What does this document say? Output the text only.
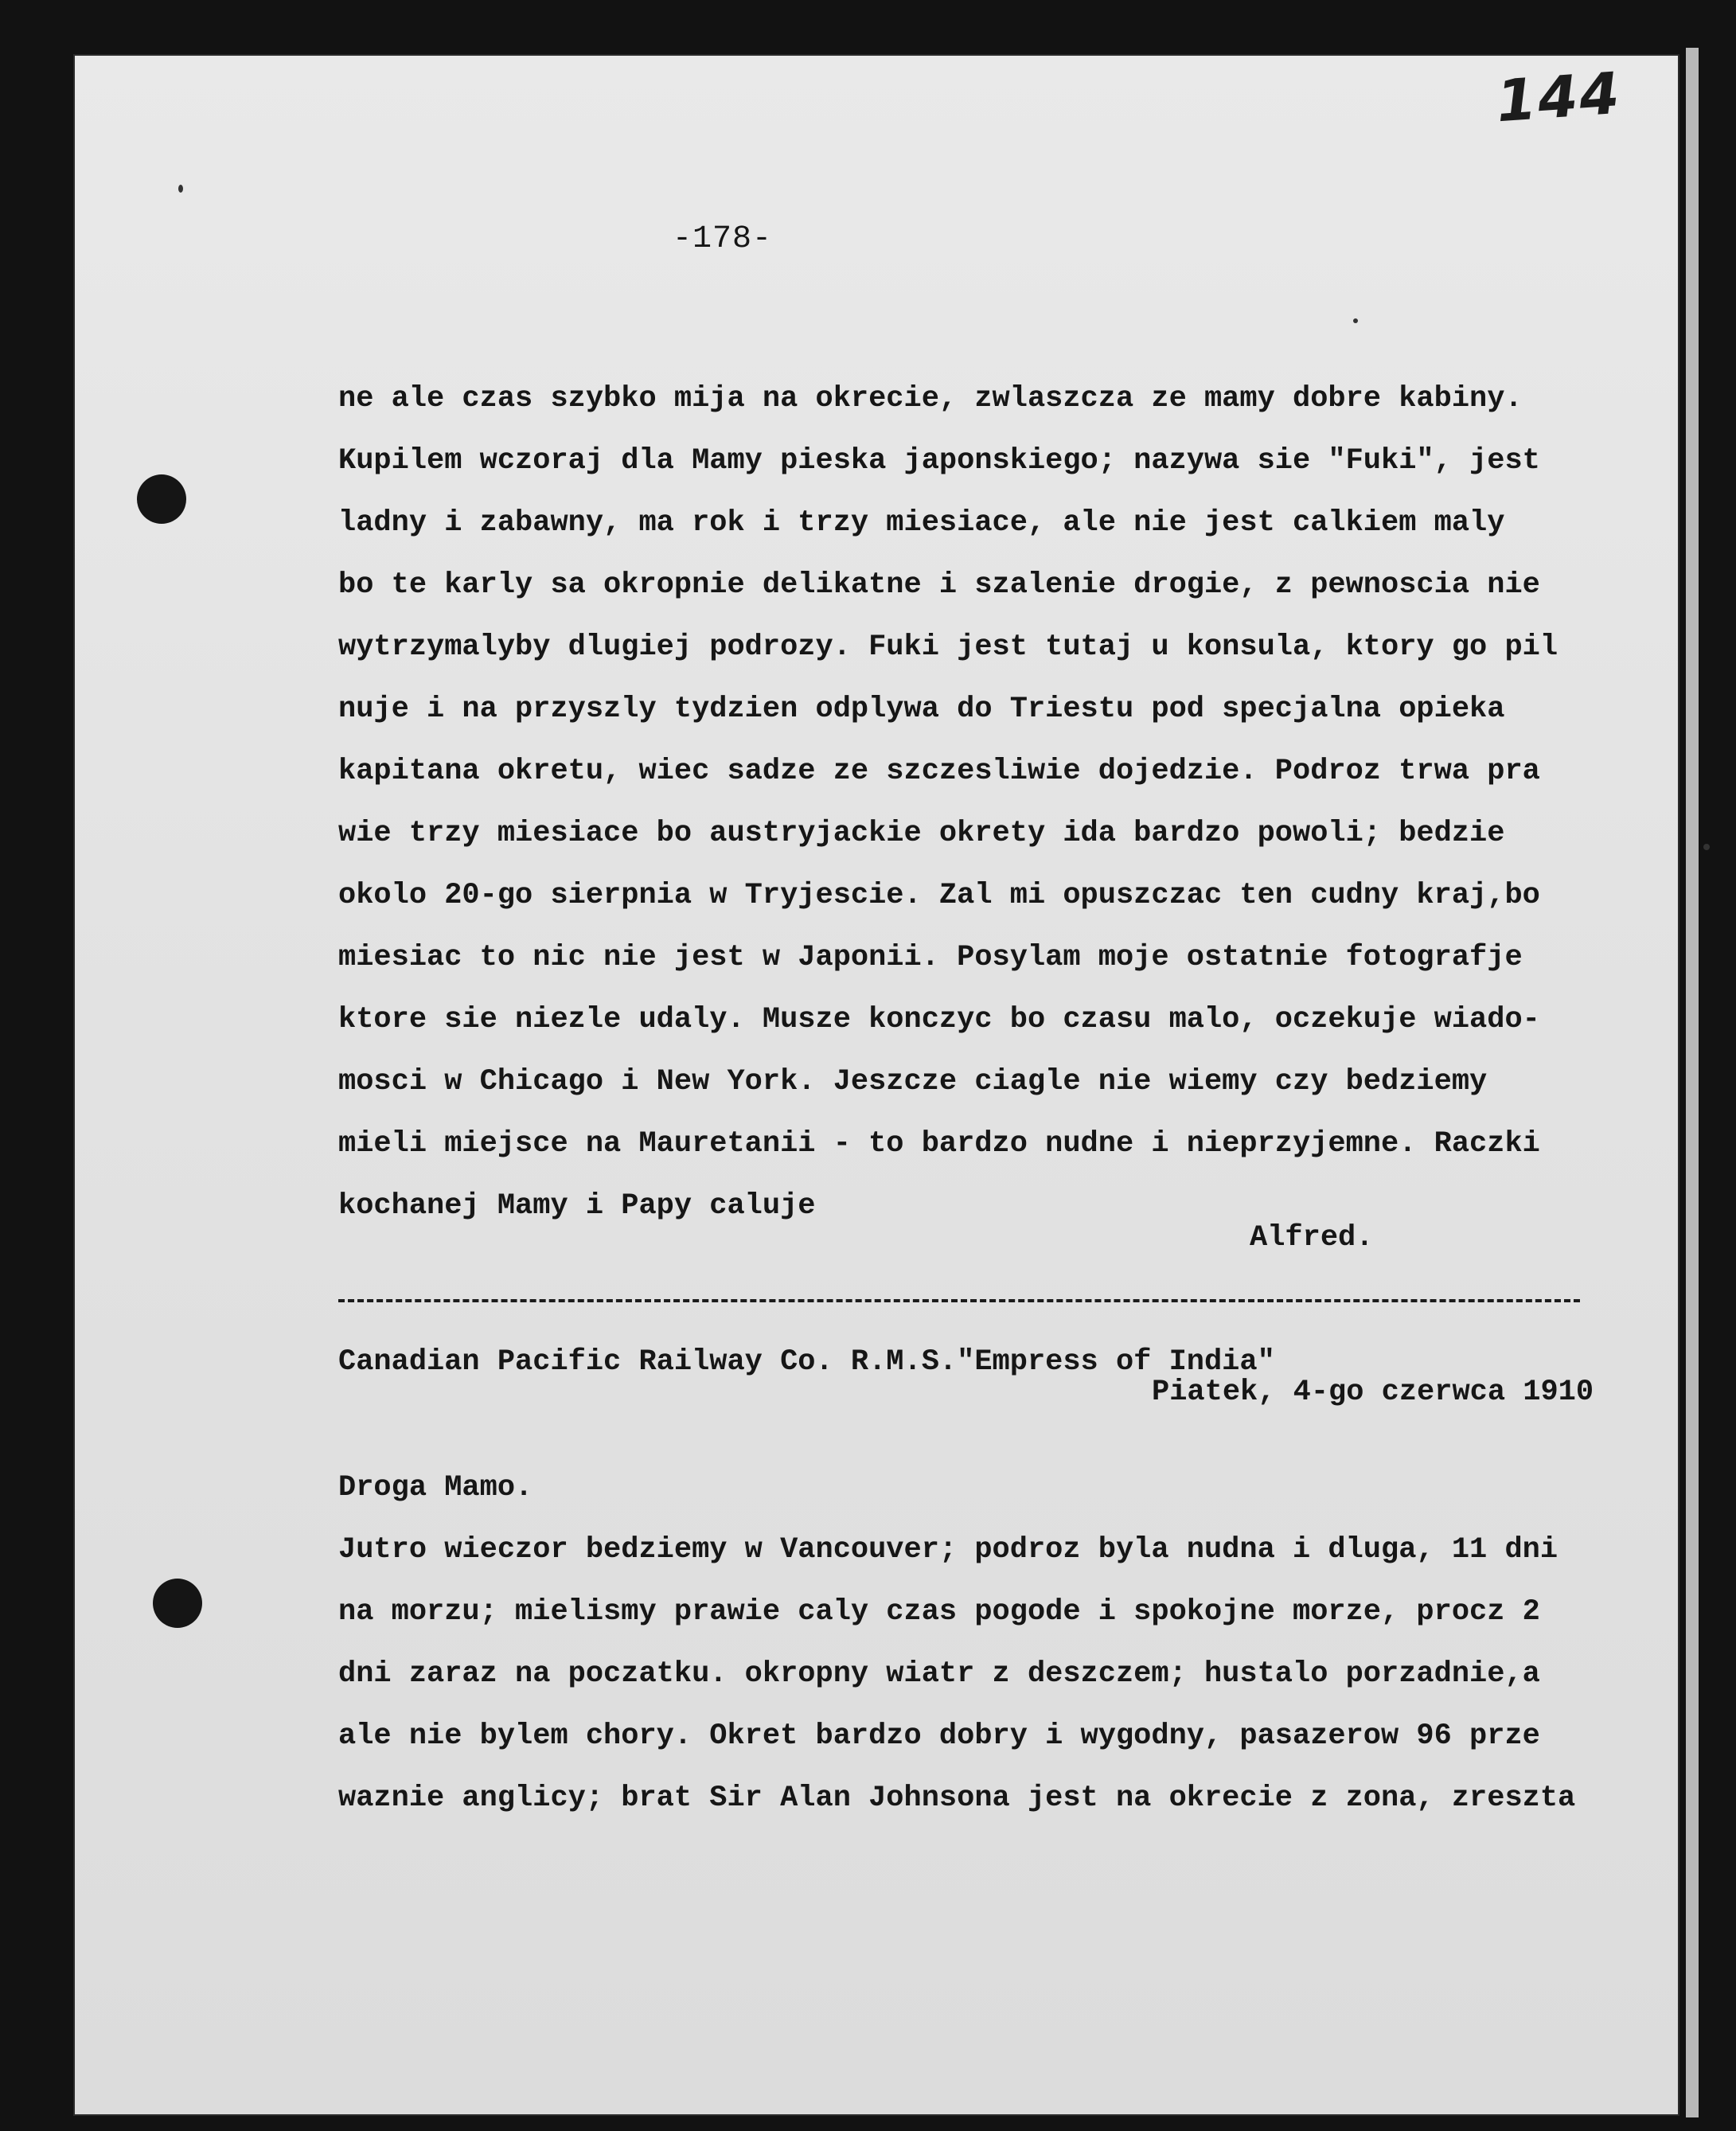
144
-178-
ne ale czas szybko mija na okrecie, zwlaszcza ze mamy dobre kabiny.
Kupilem wczoraj dla Mamy pieska japonskiego; nazywa sie "Fuki", jest
ladny i zabawny, ma rok i trzy miesiace, ale nie jest calkiem maly
bo te karly sa okropnie delikatne i szalenie drogie, z pewnoscia nie
wytrzymalyby dlugiej podrozy. Fuki jest tutaj u konsula, ktory go pil
nuje i na przyszly tydzien odplywa do Triestu pod specjalna opieka
kapitana okretu, wiec sadze ze szczesliwie dojedzie. Podroz trwa pra
wie trzy miesiace bo austryjackie okrety ida bardzo powoli; bedzie
okolo 20-go sierpnia w Tryjescie. Zal mi opuszczac ten cudny kraj,bo
miesiac to nic nie jest w Japonii. Posylam moje ostatnie fotografje
ktore sie niezle udaly. Musze konczyc bo czasu malo, oczekuje wiado-
mosci w Chicago i New York. Jeszcze ciagle nie wiemy czy bedziemy
mieli miejsce na Mauretanii - to bardzo nudne i nieprzyjemne. Raczki
kochanej Mamy i Papy caluje
Alfred.
Canadian Pacific Railway Co. R.M.S."Empress of India"
Piatek, 4-go czerwca 1910
Droga Mamo.
Jutro wieczor bedziemy w Vancouver; podroz byla nudna i dluga, 11 dni
na morzu; mielismy prawie caly czas pogode i spokojne morze, procz 2
dni zaraz na poczatku. okropny wiatr z deszczem; hustalo porzadnie,a
ale nie bylem chory. Okret bardzo dobry i wygodny, pasazerow 96 prze
waznie anglicy; brat Sir Alan Johnsona jest na okrecie z zona, zreszta
